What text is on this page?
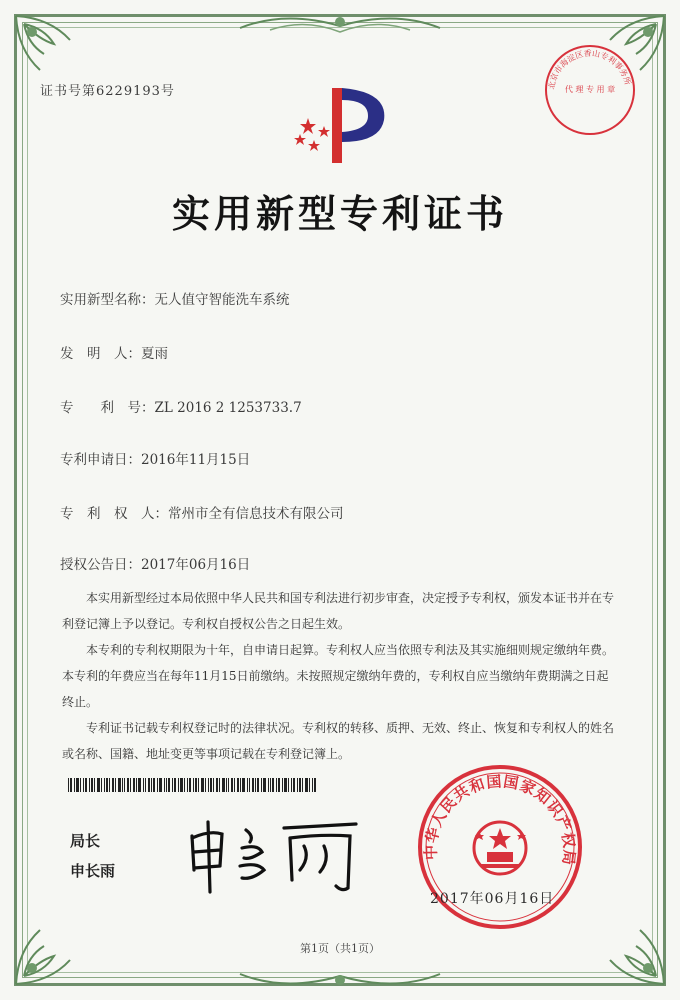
证书号第6229193号	北京市海淀区香山专利事务所
代 理 专 用 章
实用新型专利证书
实用新型名称：无人值守智能洗车系统
发　明　人：夏雨
专　　利　号：ZL 2016 2 1253733.7
专利申请日：2016年11月15日
专　利　权　人：常州市全有信息技术有限公司
授权公告日：2017年06月16日

本实用新型经过本局依照中华人民共和国专利法进行初步审查，决定授予专利权，颁发本证书并在专利登记簿上予以登记。专利权自授权公告之日起生效。

本专利的专利权期限为十年，自申请日起算。专利权人应当依照专利法及其实施细则规定缴纳年费。本专利的年费应当在每年11月15日前缴纳。未按照规定缴纳年费的，专利权自应当缴纳年费期满之日起终止。

专利证书记载专利权登记时的法律状况。专利权的转移、质押、无效、终止、恢复和专利权人的姓名或名称、国籍、地址变更等事项记载在专利登记簿上。

局长
申长雨
中华人民共和国国家知识产权局
2017年06月16日
第1页（共1页）
